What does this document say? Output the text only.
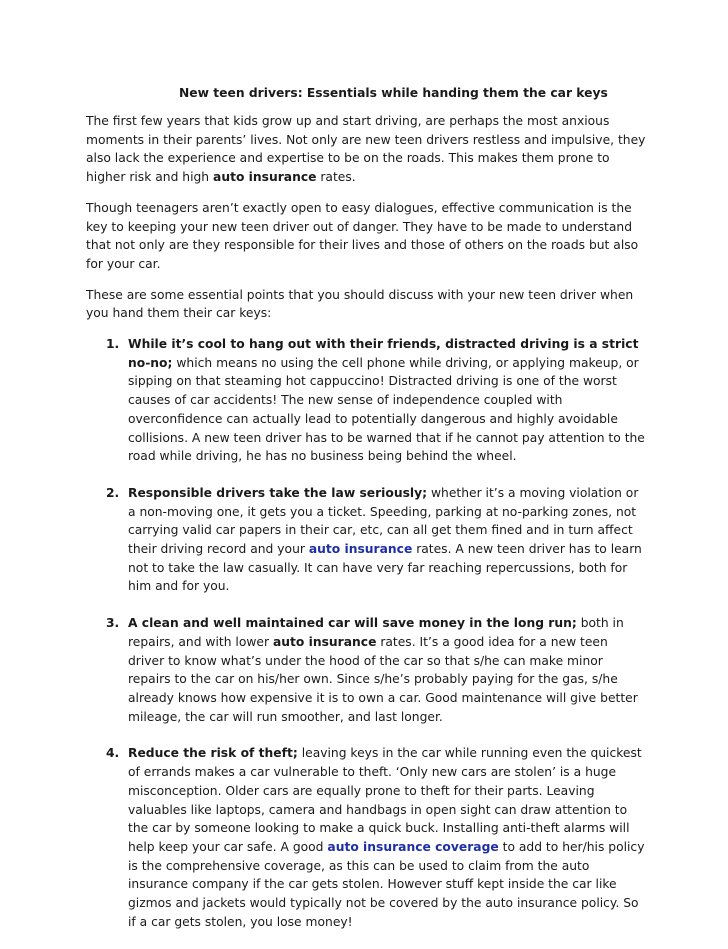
New teen drivers: Essentials while handing them the car keys

The first few years that kids grow up and start driving, are perhaps the most anxious moments in their parents’ lives. Not only are new teen drivers restless and impulsive, they also lack the experience and expertise to be on the roads. This makes them prone to higher risk and high auto insurance rates.

Though teenagers aren’t exactly open to easy dialogues, effective communication is the key to keeping your new teen driver out of danger. They have to be made to understand that not only are they responsible for their lives and those of others on the roads but also for your car.

These are some essential points that you should discuss with your new teen driver when you hand them their car keys:

1. While it’s cool to hang out with their friends, distracted driving is a strict no-no; which means no using the cell phone while driving, or applying makeup, or sipping on that steaming hot cappuccino! Distracted driving is one of the worst causes of car accidents! The new sense of independence coupled with overconfidence can actually lead to potentially dangerous and highly avoidable collisions. A new teen driver has to be warned that if he cannot pay attention to the road while driving, he has no business being behind the wheel.
2. Responsible drivers take the law seriously; whether it’s a moving violation or a non-moving one, it gets you a ticket. Speeding, parking at no-parking zones, not carrying valid car papers in their car, etc, can all get them fined and in turn affect their driving record and your auto insurance rates. A new teen driver has to learn not to take the law casually. It can have very far reaching repercussions, both for him and for you.
3. A clean and well maintained car will save money in the long run; both in repairs, and with lower auto insurance rates. It’s a good idea for a new teen driver to know what’s under the hood of the car so that s/he can make minor repairs to the car on his/her own. Since s/he’s probably paying for the gas, s/he already knows how expensive it is to own a car. Good maintenance will give better mileage, the car will run smoother, and last longer.
4. Reduce the risk of theft; leaving keys in the car while running even the quickest of errands makes a car vulnerable to theft. ‘Only new cars are stolen’ is a huge misconception. Older cars are equally prone to theft for their parts. Leaving valuables like laptops, camera and handbags in open sight can draw attention to the car by someone looking to make a quick buck. Installing anti-theft alarms will help keep your car safe. A good auto insurance coverage to add to her/his policy is the comprehensive coverage, as this can be used to claim from the auto insurance company if the car gets stolen. However stuff kept inside the car like gizmos and jackets would typically not be covered by the auto insurance policy. So if a car gets stolen, you lose money!
